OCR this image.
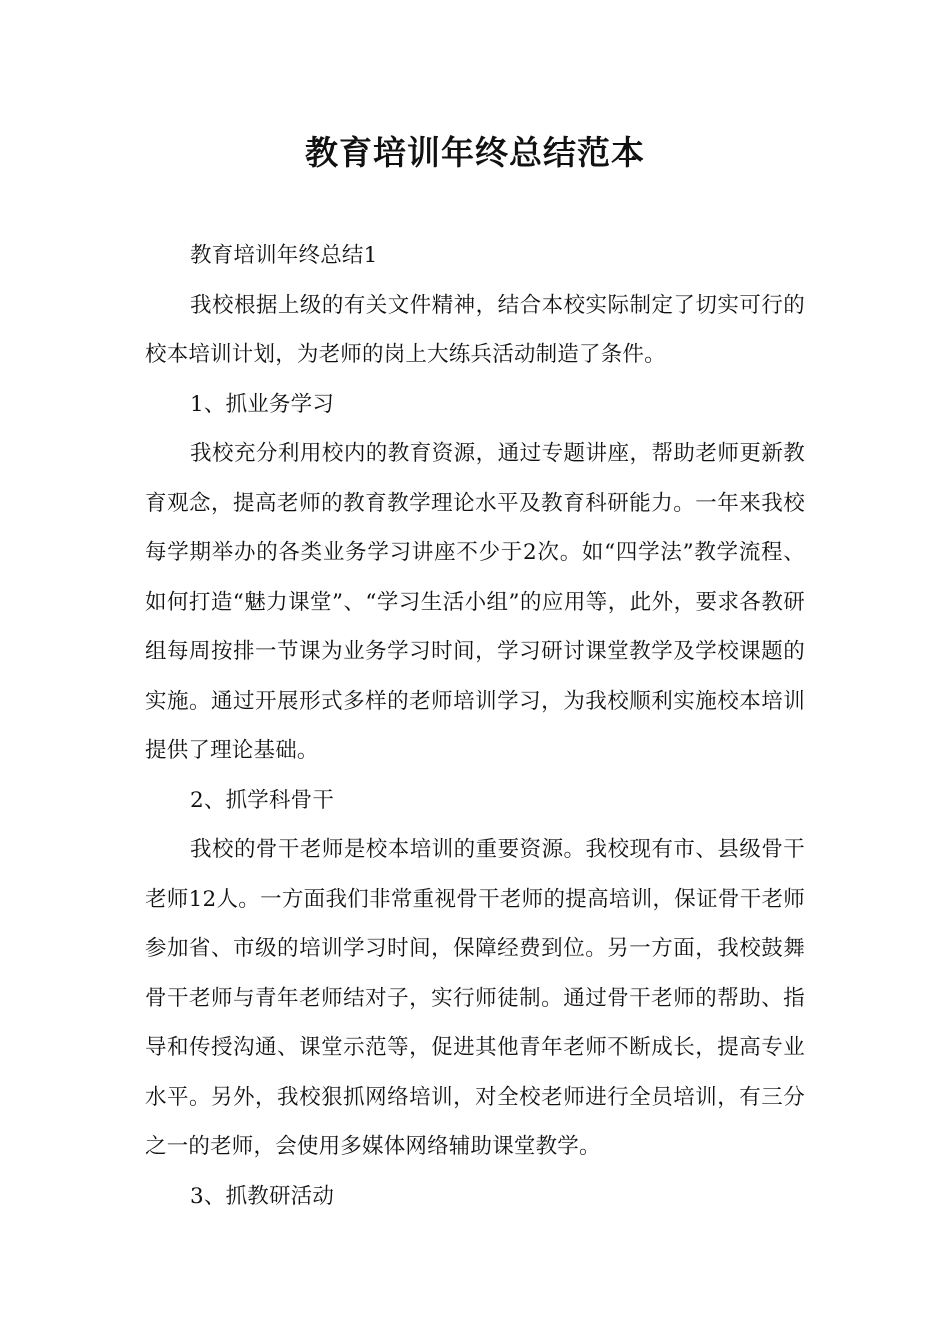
教育培训年终总结范本

教育培训年终总结1

我校根据上级的有关文件精神，结合本校实际制定了切实可行的校本培训计划，为老师的岗上大练兵活动制造了条件。

1、抓业务学习

我校充分利用校内的教育资源，通过专题讲座，帮助老师更新教育观念，提高老师的教育教学理论水平及教育科研能力。一年来我校每学期举办的各类业务学习讲座不少于2次。如“四学法”教学流程、如何打造“魅力课堂”、“学习生活小组”的应用等，此外，要求各教研组每周按排一节课为业务学习时间，学习研讨课堂教学及学校课题的实施。通过开展形式多样的老师培训学习，为我校顺利实施校本培训提供了理论基础。

2、抓学科骨干

我校的骨干老师是校本培训的重要资源。我校现有市、县级骨干老师12人。一方面我们非常重视骨干老师的提高培训，保证骨干老师参加省、市级的培训学习时间，保障经费到位。另一方面，我校鼓舞骨干老师与青年老师结对子，实行师徒制。通过骨干老师的帮助、指导和传授沟通、课堂示范等，促进其他青年老师不断成长，提高专业水平。另外，我校狠抓网络培训，对全校老师进行全员培训，有三分之一的老师，会使用多媒体网络辅助课堂教学。

3、抓教研活动
